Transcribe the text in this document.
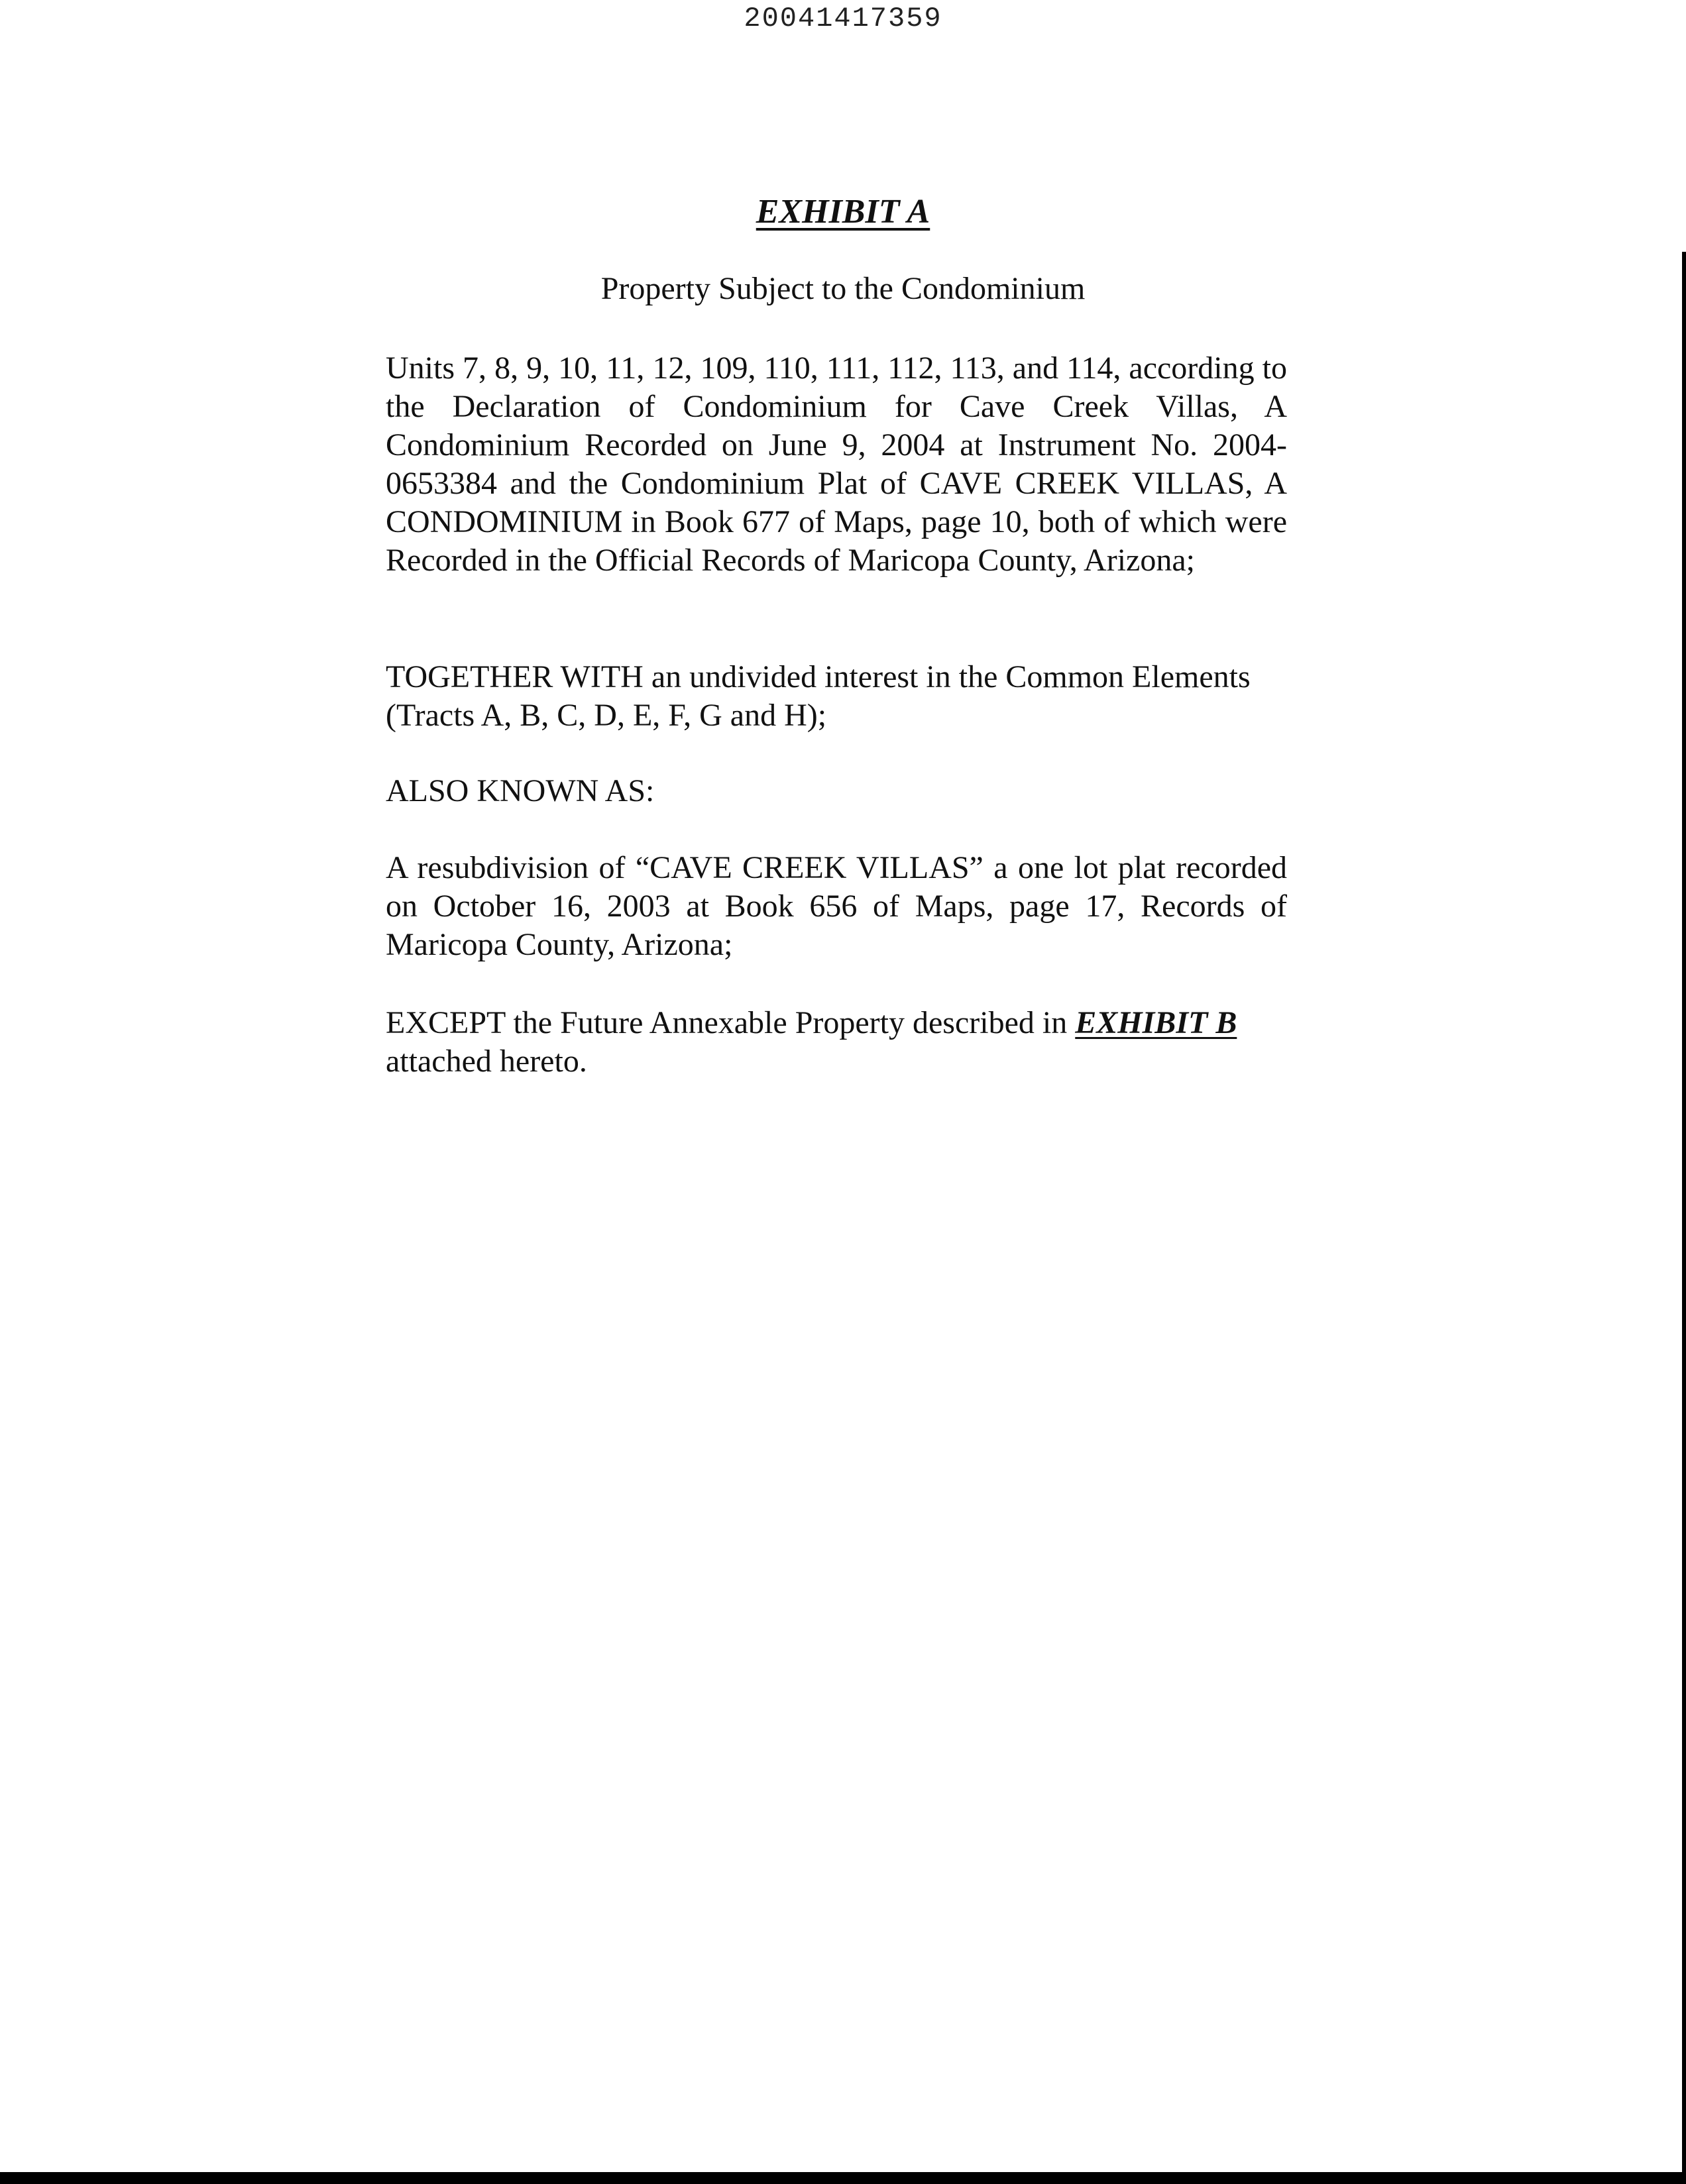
20041417359
EXHIBIT A
Property Subject to the Condominium
Units 7, 8, 9, 10, 11, 12, 109, 110, 111, 112, 113, and 114, according to the Declaration of Condominium for Cave Creek Villas, A Condominium Recorded on June 9, 2004 at Instrument No. 2004-0653384 and the Condominium Plat of CAVE CREEK VILLAS, A CONDOMINIUM in Book 677 of Maps, page 10, both of which were Recorded in the Official Records of Maricopa County, Arizona;
TOGETHER WITH an undivided interest in the Common Elements (Tracts A, B, C, D, E, F, G and H);
ALSO KNOWN AS:
A resubdivision of “CAVE CREEK VILLAS” a one lot plat recorded on October 16, 2003 at Book 656 of Maps, page 17, Records of Maricopa County, Arizona;
EXCEPT the Future Annexable Property described in EXHIBIT B attached hereto.
